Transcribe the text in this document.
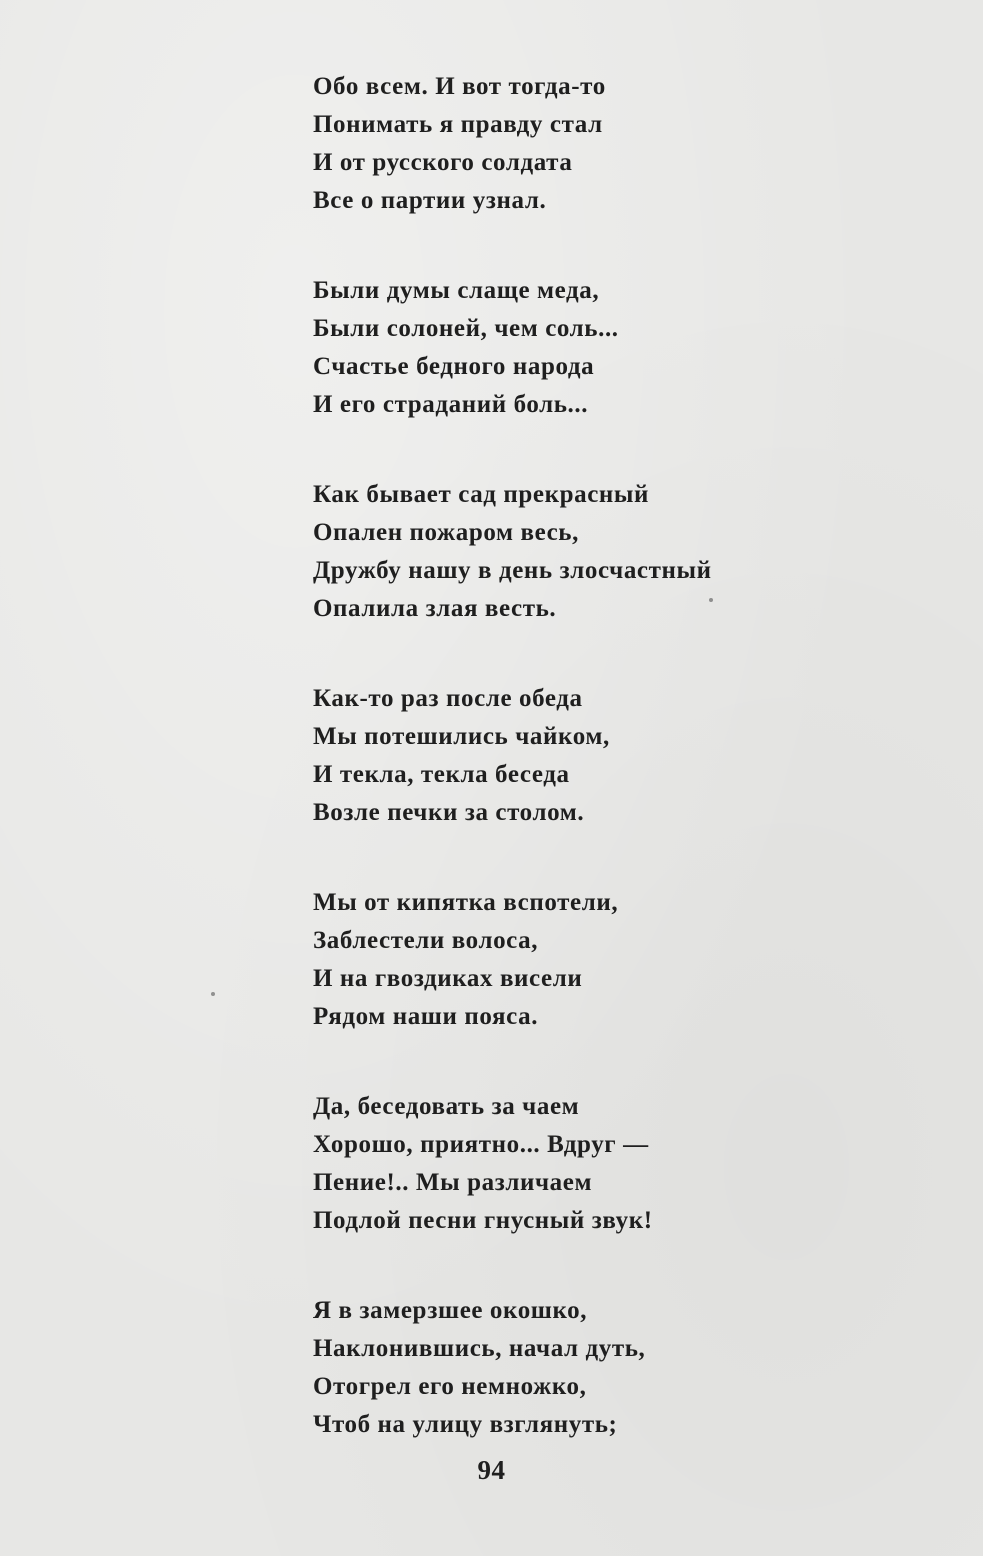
Обо всем. И вот тогда-то
Понимать я правду стал
И от русского солдата
Все о партии узнал.
Были думы слаще меда,
Были солоней, чем соль...
Счастье бедного народа
И его страданий боль...
Как бывает сад прекрасный
Опален пожаром весь,
Дружбу нашу в день злосчастный
Опалила злая весть.
Как-то раз после обеда
Мы потешились чайком,
И текла, текла беседа
Возле печки за столом.
Мы от кипятка вспотели,
Заблестели волоса,
И на гвоздиках висели
Рядом наши пояса.
Да, беседовать за чаем
Хорошо, приятно... Вдруг —
Пение!.. Мы различаем
Подлой песни гнусный звук!
Я в замерзшее окошко,
Наклонившись, начал дуть,
Отогрел его немножко,
Чтоб на улицу взглянуть;
94
